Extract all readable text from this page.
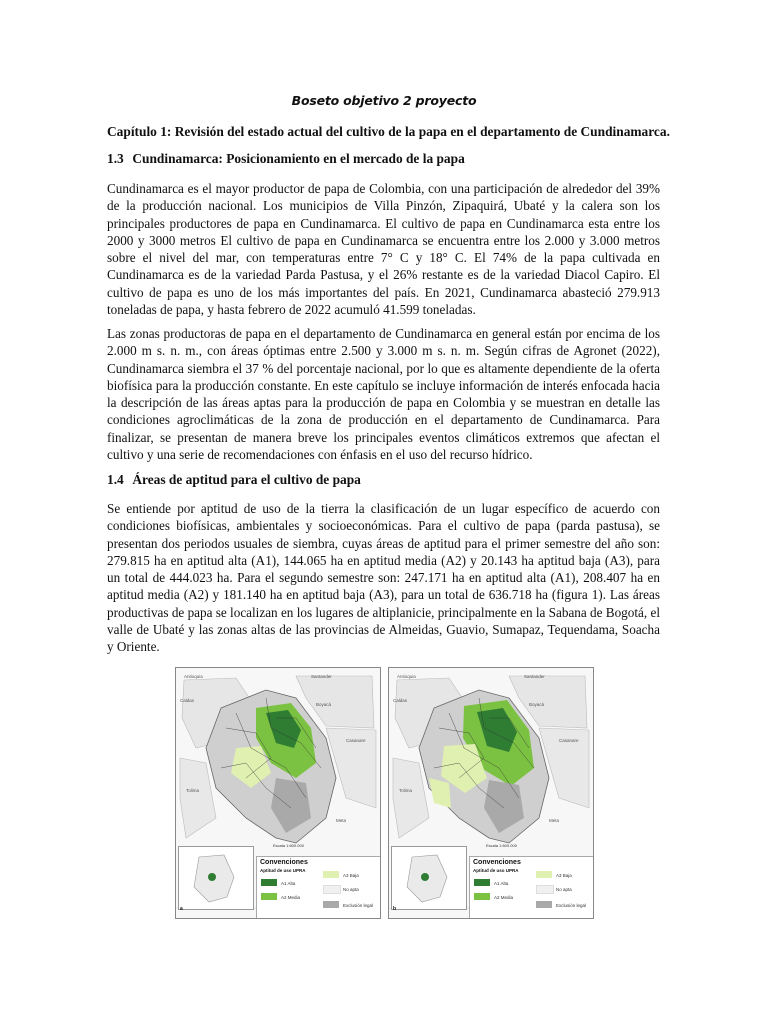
Boseto objetivo 2 proyecto
Capítulo 1: Revisión del estado actual del cultivo de la papa en el departamento de Cundinamarca.
1.3 Cundinamarca: Posicionamiento en el mercado de la papa

Cundinamarca es el mayor productor de papa de Colombia, con una participación de alrededor del 39% de la producción nacional. Los municipios de Villa Pinzón, Zipaquirá, Ubaté y la calera son los principales productores de papa en Cundinamarca. El cultivo de papa en Cundinamarca esta entre los 2000 y 3000 metros El cultivo de papa en Cundinamarca se encuentra entre los 2.000 y 3.000 metros sobre el nivel del mar, con temperaturas entre 7° C y 18° C. El 74% de la papa cultivada en Cundinamarca es de la variedad Parda Pastusa, y el 26% restante es de la variedad Diacol Capiro. El cultivo de papa es uno de los más importantes del país. En 2021, Cundinamarca abasteció 279.913 toneladas de papa, y hasta febrero de 2022 acumuló 41.599 toneladas.

Las zonas productoras de papa en el departamento de Cundinamarca en general están por encima de los 2.000 m s. n. m., con áreas óptimas entre 2.500 y 3.000 m s. n. m. Según cifras de Agronet (2022), Cundinamarca siembra el 37 % del porcentaje nacional, por lo que es altamente dependiente de la oferta biofísica para la producción constante. En este capítulo se incluye información de interés enfocada hacia la descripción de las áreas aptas para la producción de papa en Colombia y se muestran en detalle las condiciones agroclimáticas de la zona de producción en el departamento de Cundinamarca. Para finalizar, se presentan de manera breve los principales eventos climáticos extremos que afectan el cultivo y una serie de recomendaciones con énfasis en el uso del recurso hídrico.

1.4 Áreas de aptitud para el cultivo de papa

Se entiende por aptitud de uso de la tierra la clasificación de un lugar específico de acuerdo con condiciones biofísicas, ambientales y socioeconómicas. Para el cultivo de papa (parda pastusa), se presentan dos periodos usuales de siembra, cuyas áreas de aptitud para el primer semestre del año son: 279.815 ha en aptitud alta (A1), 144.065 ha en aptitud media (A2) y 20.143 ha aptitud baja (A3), para un total de 444.023 ha. Para el segundo semestre son: 247.171 ha en aptitud alta (A1), 208.407 ha en aptitud media (A2) y 181.140 ha en aptitud baja (A3), para un total de 636.718 ha (figura 1). Las áreas productivas de papa se localizan en los lugares de altiplanicie, principalmente en la Sabana de Bogotá, el valle de Ubaté y las zonas altas de las provincias de Almeidas, Guavio, Sumapaz, Tequendama, Soacha y Oriente.

Antioquia	Santander
Boyacá
Casanare
Caldas
Tolima
Meta
Escala 1:600.000
Convenciones
Aptitud de uso UPRA
A1 Alta
A2 Media
A3 Baja
No apta
Exclusión legal
a
Antioquia	Santander
Boyacá
Casanare
Caldas
Tolima
Meta
Escala 1:600.000
Convenciones
Aptitud de uso UPRA
A1 Alta
A2 Media
A3 Baja
No apta
Exclusión legal
b
